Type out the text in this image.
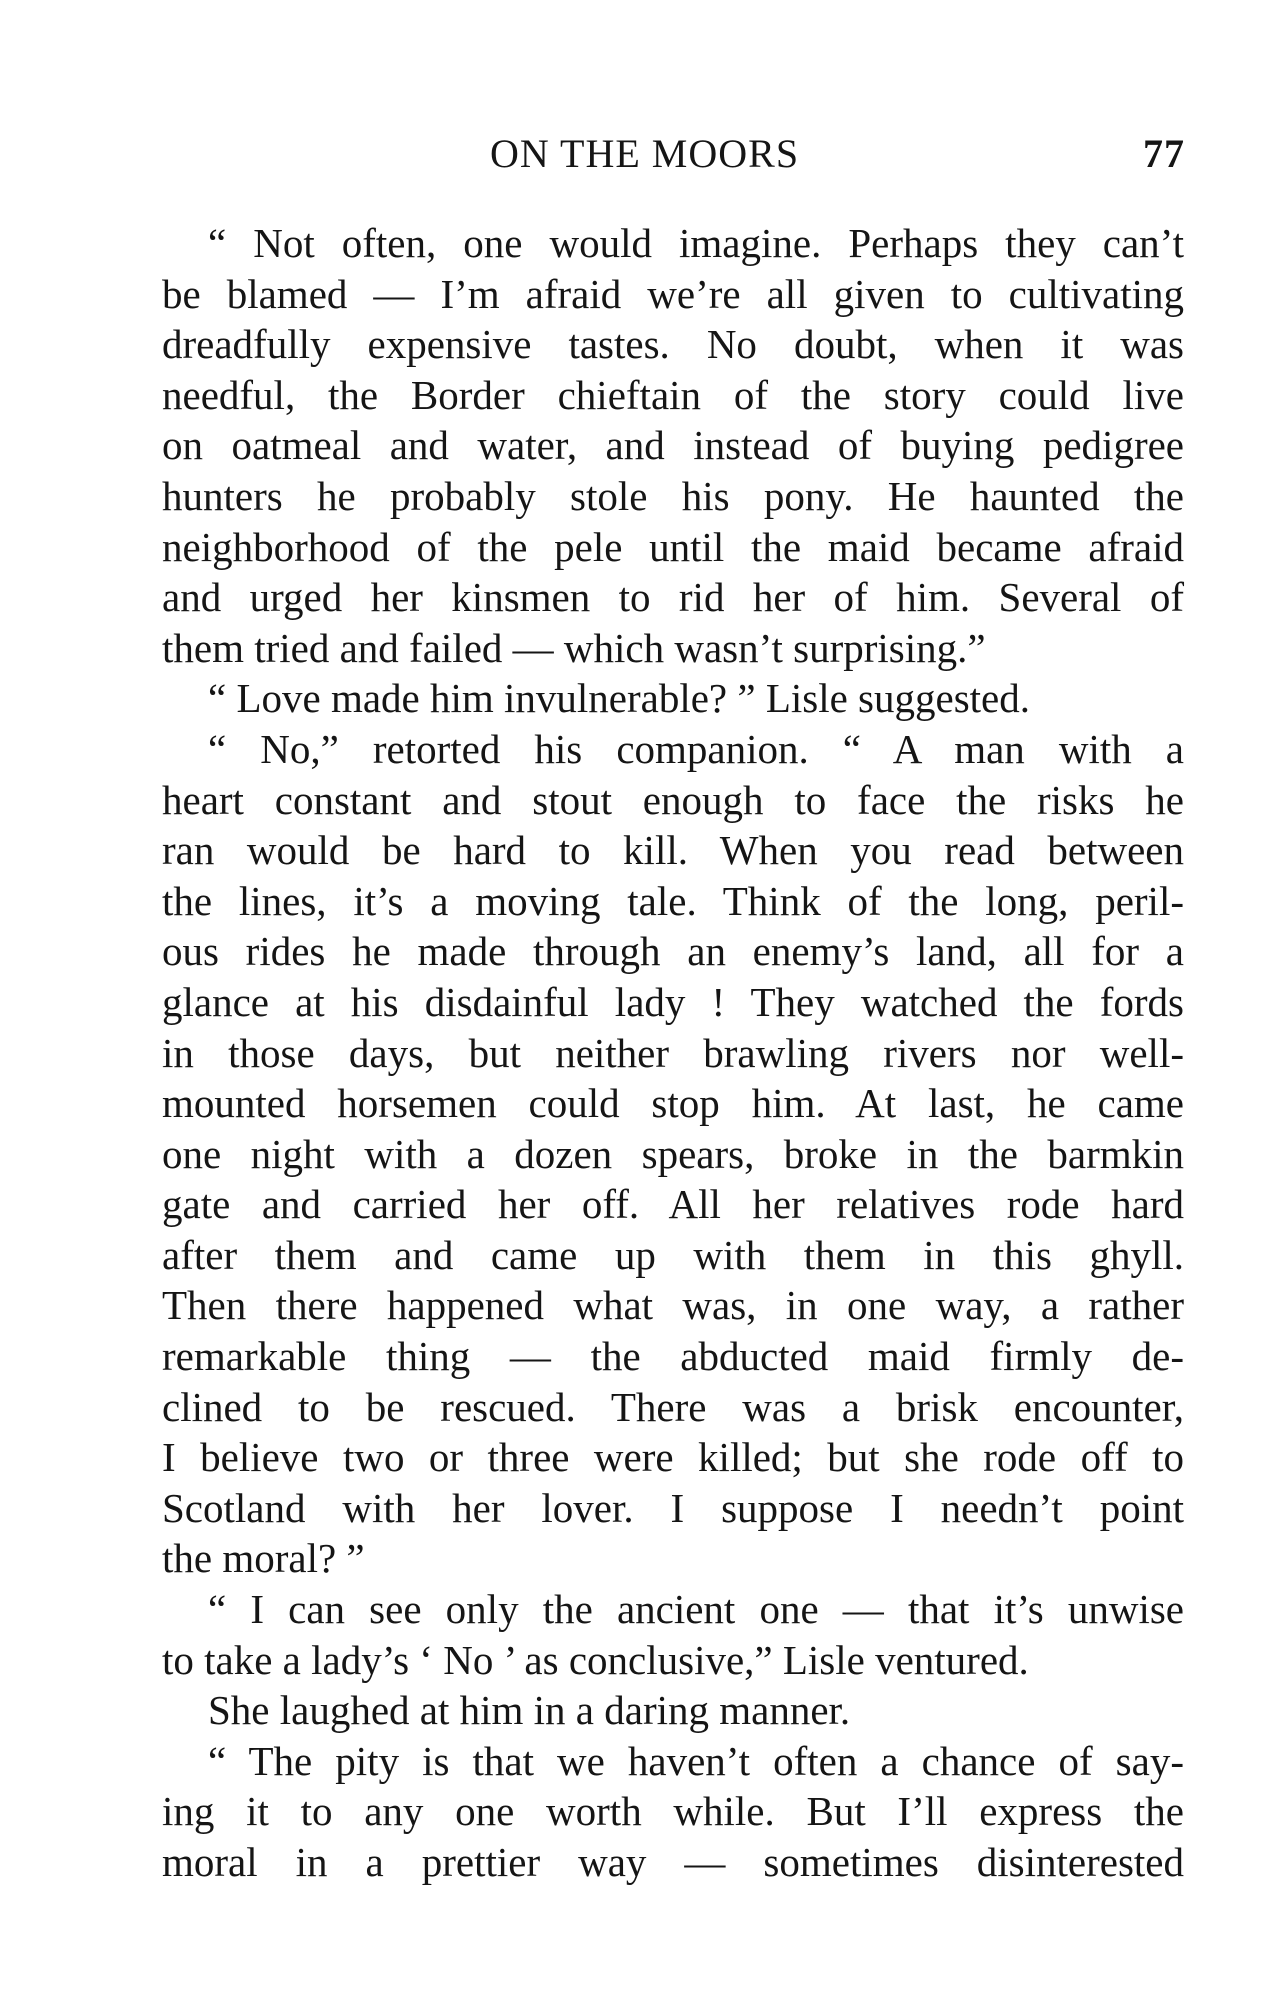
ON THE MOORS	77
“ Not often, one would imagine. Perhaps they can’t
be blamed — I’m afraid we’re all given to cultivating
dreadfully expensive tastes. No doubt, when it was
needful, the Border chieftain of the story could live
on oatmeal and water, and instead of buying pedigree
hunters he probably stole his pony. He haunted the
neighborhood of the pele until the maid became afraid
and urged her kinsmen to rid her of him. Several of
them tried and failed — which wasn’t surprising.”
“ Love made him invulnerable? ” Lisle suggested.
“ No,” retorted his companion. “ A man with a
heart constant and stout enough to face the risks he
ran would be hard to kill. When you read between
the lines, it’s a moving tale. Think of the long, peril-
ous rides he made through an enemy’s land, all for a
glance at his disdainful lady ! They watched the fords
in those days, but neither brawling rivers nor well-
mounted horsemen could stop him. At last, he came
one night with a dozen spears, broke in the barmkin
gate and carried her off. All her relatives rode hard
after them and came up with them in this ghyll.
Then there happened what was, in one way, a rather
remarkable thing — the abducted maid firmly de-
clined to be rescued. There was a brisk encounter,
I believe two or three were killed; but she rode off to
Scotland with her lover. I suppose I needn’t point
the moral? ”
“ I can see only the ancient one — that it’s unwise
to take a lady’s ‘ No ’ as conclusive,” Lisle ventured.
She laughed at him in a daring manner.
“ The pity is that we haven’t often a chance of say-
ing it to any one worth while. But I’ll express the
moral in a prettier way — sometimes disinterested
